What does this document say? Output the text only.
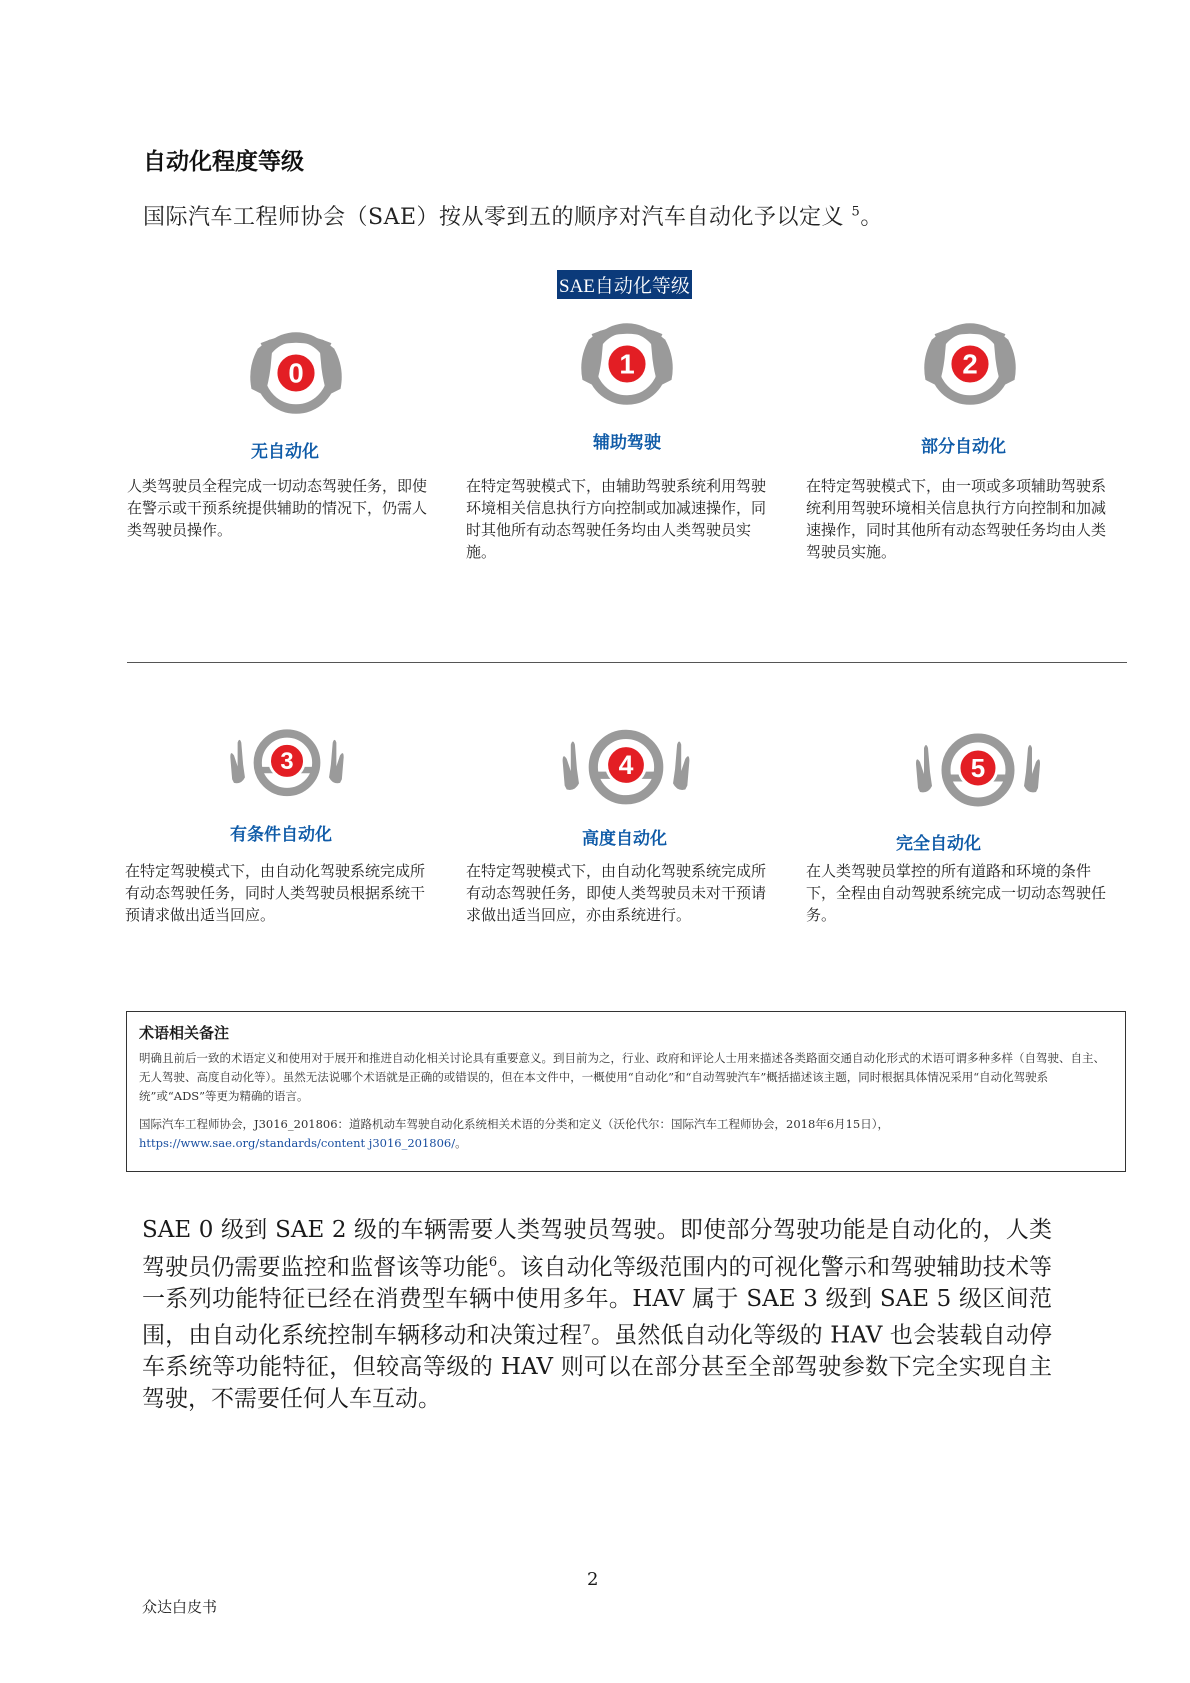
自动化程度等级
国际汽车工程师协会（SAE）按从零到五的顺序对汽车自动化予以定义 $^5$。
SAE自动化等级
0
无自动化
人类驾驶员全程完成一切动态驾驶任务，即使在警示或干预系统提供辅助的情况下，仍需人类驾驶员操作。
1
辅助驾驶
在特定驾驶模式下，由辅助驾驶系统利用驾驶环境相关信息执行方向控制或加减速操作，同时其他所有动态驾驶任务均由人类驾驶员实施。
2
部分自动化
在特定驾驶模式下，由一项或多项辅助驾驶系统利用驾驶环境相关信息执行方向控制和加减速操作，同时其他所有动态驾驶任务均由人类驾驶员实施。
3
有条件自动化
在特定驾驶模式下，由自动化驾驶系统完成所有动态驾驶任务，同时人类驾驶员根据系统干预请求做出适当回应。
4
高度自动化
在特定驾驶模式下，由自动化驾驶系统完成所有动态驾驶任务，即使人类驾驶员未对干预请求做出适当回应，亦由系统进行。
5
完全自动化
在人类驾驶员掌控的所有道路和环境的条件下，全程由自动驾驶系统完成一切动态驾驶任务。
术语相关备注
明确且前后一致的术语定义和使用对于展开和推进自动化相关讨论具有重要意义。到目前为之，行业、政府和评论人士用来描述各类路面交通自动化形式的术语可谓多种多样（自驾驶、自主、无人驾驶、高度自动化等）。虽然无法说哪个术语就是正确的或错误的，但在本文件中，一概使用“自动化”和“自动驾驶汽车”概括描述该主题，同时根据具体情况采用“自动化驾驶系统”或“ADS”等更为精确的语言。
国际汽车工程师协会，J3016_201806：道路机动车驾驶自动化系统相关术语的分类和定义（沃伦代尔：国际汽车工程师协会，2018年6月15日），https://www.sae.org/standards/content j3016_201806/。
SAE 0 级到 SAE 2 级的车辆需要人类驾驶员驾驶。即使部分驾驶功能是自动化的，人类驾驶员仍需要监控和监督该等功能$^6$。该自动化等级范围内的可视化警示和驾驶辅助技术等一系列功能特征已经在消费型车辆中使用多年。HAV 属于 SAE 3 级到 SAE 5 级区间范围，由自动化系统控制车辆移动和决策过程$^7$。虽然低自动化等级的 HAV 也会装载自动停车系统等功能特征，但较高等级的 HAV 则可以在部分甚至全部驾驶参数下完全实现自主驾驶，不需要任何人车互动。
2
众达白皮书
